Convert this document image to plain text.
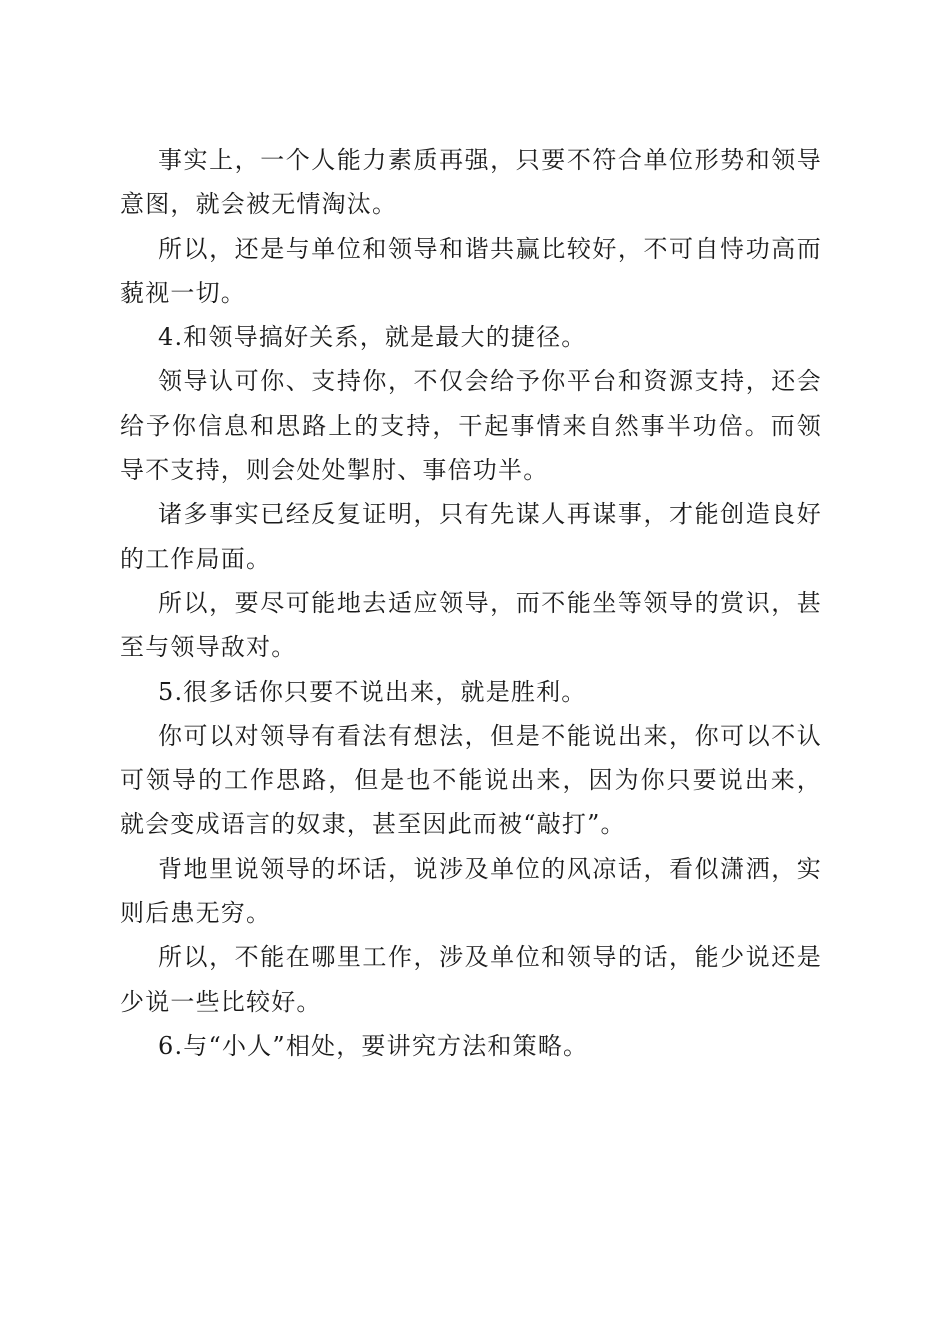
事实上，一个人能力素质再强，只要不符合单位形势和领导意图，就会被无情淘汰。

所以，还是与单位和领导和谐共赢比较好，不可自恃功高而藐视一切。

4.和领导搞好关系，就是最大的捷径。

领导认可你、支持你，不仅会给予你平台和资源支持，还会给予你信息和思路上的支持，干起事情来自然事半功倍。而领导不支持，则会处处掣肘、事倍功半。

诸多事实已经反复证明，只有先谋人再谋事，才能创造良好的工作局面。

所以，要尽可能地去适应领导，而不能坐等领导的赏识，甚至与领导敌对。

5.很多话你只要不说出来，就是胜利。

你可以对领导有看法有想法，但是不能说出来，你可以不认可领导的工作思路，但是也不能说出来，因为你只要说出来，就会变成语言的奴隶，甚至因此而被“敲打”。

背地里说领导的坏话，说涉及单位的风凉话，看似潇洒，实则后患无穷。

所以，不能在哪里工作，涉及单位和领导的话，能少说还是少说一些比较好。

6.与“小人”相处，要讲究方法和策略。
